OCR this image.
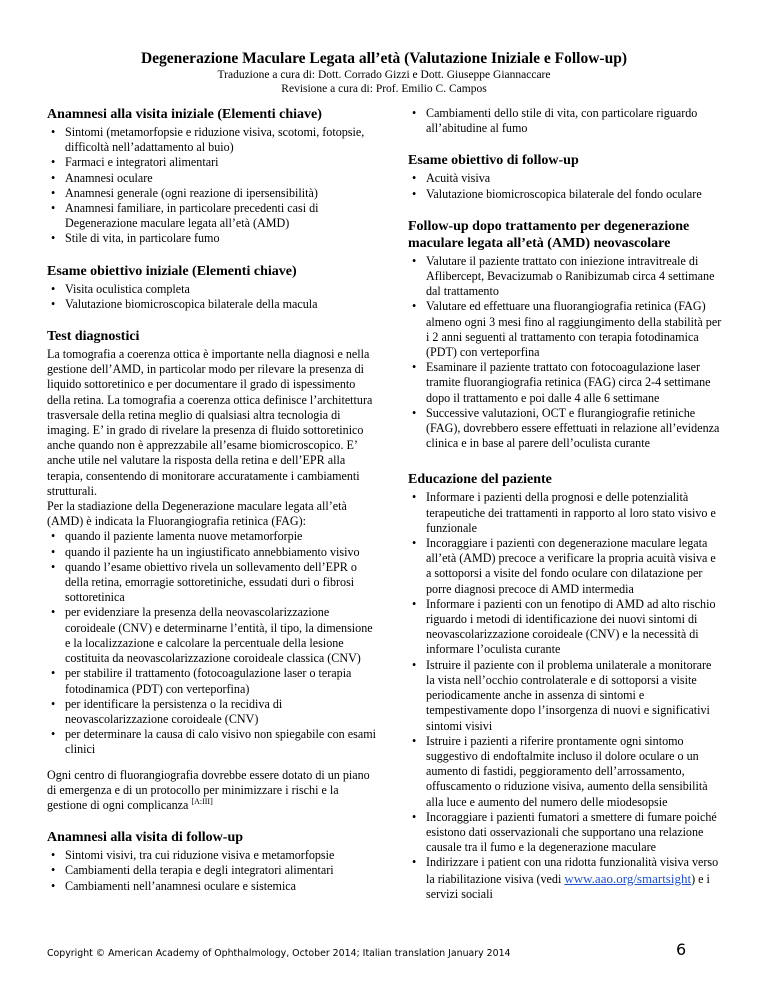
Degenerazione Maculare Legata all’età (Valutazione Iniziale e Follow-up)

Traduzione a cura di: Dott. Corrado Gizzi e Dott. Giuseppe Giannaccare

Revisione a cura di: Prof. Emilio C. Campos

Anamnesi alla visita iniziale (Elementi chiave)
• Sintomi (metamorfopsie e riduzione visiva, scotomi, fotopsie, difficoltà nell’adattamento al buio)
• Farmaci e integratori alimentari
• Anamnesi oculare
• Anamnesi generale (ogni reazione di ipersensibilità)
• Anamnesi familiare, in particolare precedenti casi di Degenerazione maculare legata all’età (AMD)
• Stile di vita, in particolare fumo
Esame obiettivo iniziale (Elementi chiave)
• Visita oculistica completa
• Valutazione biomicroscopica bilaterale della macula
Test diagnostici

La tomografia a coerenza ottica è importante nella diagnosi e nella gestione dell’AMD, in particolar modo per rilevare la presenza di liquido sottoretinico e per documentare il grado di ispessimento della retina. La tomografia a coerenza ottica definisce l’architettura trasversale della retina meglio di qualsiasi altra tecnologia di imaging. E’ in grado di rivelare la presenza di fluido sottoretinico anche quando non è apprezzabile all’esame biomicroscopico. E’ anche utile nel valutare la risposta della retina e dell’EPR alla terapia, consentendo di monitorare accuratamente i cambiamenti strutturali.

Per la stadiazione della Degenerazione maculare legata all’età (AMD) è indicata la Fluorangiografia retinica (FAG):

• quando il paziente lamenta nuove metamorforpie
• quando il paziente ha un ingiustificato annebbiamento visivo
• quando l’esame obiettivo rivela un sollevamento dell’EPR o della retina, emorragie sottoretiniche, essudati duri o fibrosi sottoretinica
• per evidenziare la presenza della neovascolarizzazione coroideale (CNV) e determinarne l’entità, il tipo, la dimensione e la localizzazione e calcolare la percentuale della lesione costituita da neovascolarizzazione coroideale classica (CNV)
• per stabilire il trattamento (fotocoagulazione laser o terapia fotodinamica (PDT) con verteporfina)
• per identificare la persistenza o la recidiva di neovascolarizzazione coroideale (CNV)
• per determinare la causa di calo visivo non spiegabile con esami clinici

Ogni centro di fluorangiografia dovrebbe essere dotato di un piano di emergenza e di un protocollo per minimizzare i rischi e la gestione di ogni complicanza [A:III]

Anamnesi alla visita di follow-up
• Sintomi visivi, tra cui riduzione visiva e metamorfopsie
• Cambiamenti della terapia e degli integratori alimentari
• Cambiamenti nell’anamnesi oculare e sistemica
• Cambiamenti dello stile di vita, con particolare riguardo all’abitudine al fumo
Esame obiettivo di follow-up
• Acuità visiva
• Valutazione biomicroscopica bilaterale del fondo oculare
Follow-up dopo trattamento per degenerazione maculare legata all’età (AMD) neovascolare
• Valutare il paziente trattato con iniezione intravitreale di Aflibercept, Bevacizumab o Ranibizumab circa 4 settimane dal trattamento
• Valutare ed effettuare una fluorangiografia retinica (FAG) almeno ogni 3 mesi fino al raggiungimento della stabilità per i 2 anni seguenti al trattamento con terapia fotodinamica (PDT) con verteporfina
• Esaminare il paziente trattato con fotocoagulazione laser tramite fluorangiografia retinica (FAG) circa 2-4 settimane dopo il trattamento e poi dalle 4 alle 6 settimane
• Successive valutazioni, OCT e flurangiografie retiniche (FAG), dovrebbero essere effettuati in relazione all’evidenza clinica e in base al parere dell’oculista curante
Educazione del paziente
• Informare i pazienti della prognosi e delle potenzialità terapeutiche dei trattamenti in rapporto al loro stato visivo e funzionale
• Incoraggiare i pazienti con degenerazione maculare legata all’età (AMD) precoce a verificare la propria acuità visiva e a sottoporsi a visite del fondo oculare con dilatazione per porre diagnosi precoce di AMD intermedia
• Informare i pazienti con un fenotipo di AMD ad alto rischio riguardo i metodi di identificazione dei nuovi sintomi di neovascolarizzazione coroideale (CNV) e la necessità di informare l’oculista curante
• Istruire il paziente con il problema unilaterale a monitorare la vista nell’occhio controlaterale e di sottoporsi a visite periodicamente anche in assenza di sintomi e tempestivamente dopo l’insorgenza di nuovi e significativi sintomi visivi
• Istruire i pazienti a riferire prontamente ogni sintomo suggestivo di endoftalmite incluso il dolore oculare o un aumento di fastidi, peggioramento dell’arrossamento, offuscamento o riduzione visiva, aumento della sensibilità alla luce e aumento del numero delle miodesopsie
• Incoraggiare i pazienti fumatori a smettere di fumare poiché esistono dati osservazionali che supportano una relazione causale tra il fumo e la degenerazione maculare
• Indirizzare i patient con una ridotta funzionalità visiva verso la riabilitazione visiva (vedi www.aao.org/smartsight) e i servizi sociali
Copyright © American Academy of Ophthalmology, October 2014; Italian translation January 2014	6
